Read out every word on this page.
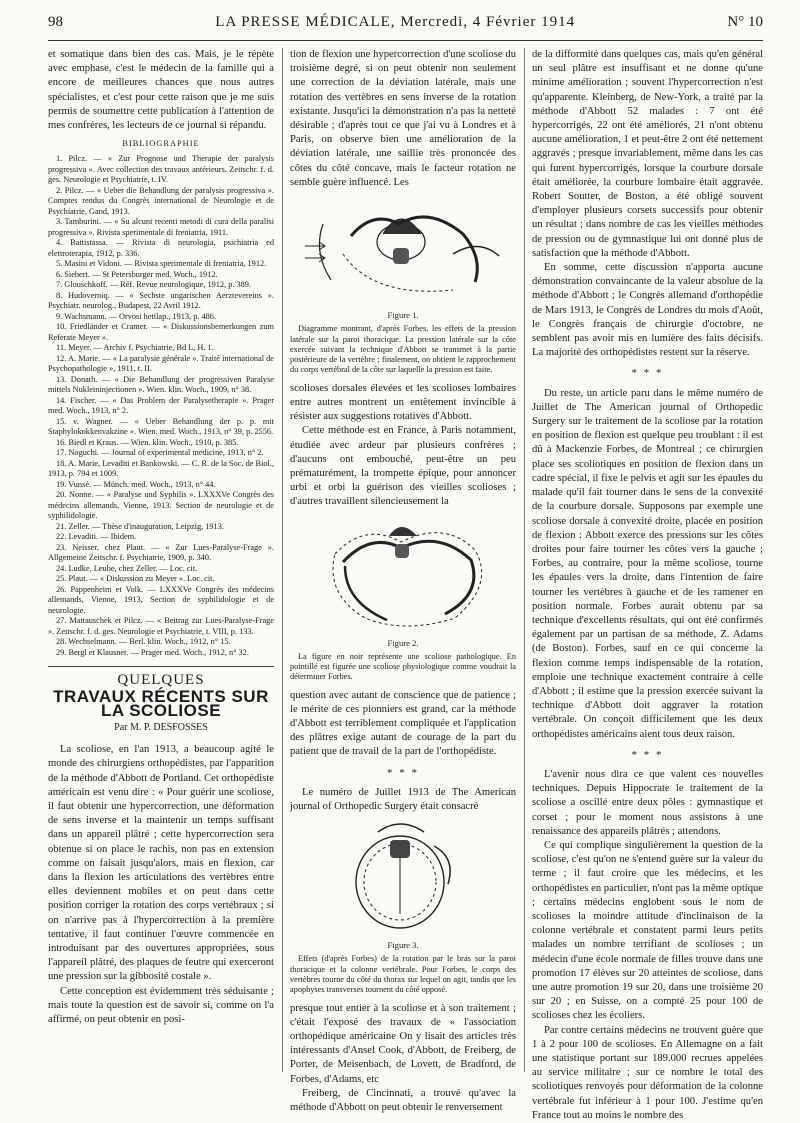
98	LA PRESSE MÉDICALE, Mercredi, 4 Février 1914	N° 10

et somatique dans bien des cas. Mais, je le répète avec emphase, c'est le médecin de la famille qui a encore de meilleures chances que nous autres spécialistes, et c'est pour cette raison que je me suis permis de soumettre cette publication à l'attention de mes confrères, les lecteurs de ce journal si répandu.

BIBLIOGRAPHIE

1. Pilcz. — « Zur Prognose und Therapie der paralysis progressiva ». Avec collection des travaux antérieurs. Zeitschr. f. d. ges. Neurologie et Psychiatrie, t. IV.

2. Pilcz. — « Ueber die Behandlung der paralysis progressiva ». Comptes rendus du Congrès international de Neurologie et de Psychiatrie, Gand, 1913.

3. Tamburini. — « Su alcuni recenti metodi di cura della paralisi progressiva ». Rivista sperimentale di freniatria, 1911.

4. Battistassa. — Rivista di neurologia, psichiatria ed elettroterapia, 1912, p. 336.

5. Masini et Vidoni. — Rivista sperimentale di freniatria, 1912.

6. Siebert. — St Petersburger med. Woch., 1912.

7. Glouschkoff. — Réf. Revue neurologique, 1912, p. 389.

8. Hudoverniq. — « Sechste ungarischen Aerztevereins ». Psychiatr. neurolog., Budapest, 22 Avril 1912.

9. Wachsmann. — Orvosi hetilap., 1913, p. 486.

10. Friedländer et Cramer. — « Diskussionsbemerkungen zum Referate Meyer ».

11. Meyer. — Archiv f. Psychiatrie, Bd L, H. 1.

12. A. Marie. — « La paralysie générale ». Traité international de Psychopathologie », 1911, t. II.

13. Donath. — « Die Behandlung der progressiven Paralyse mittels Nukleininjectionen ». Wien. klin. Woch., 1909, n° 38.

14. Fischer. — « Das Problem der Paralysetherapie ». Prager med. Woch., 1913, n° 2.

15. v. Wagner. — « Ueber Behandlung der p. p. mit Staphylokokkenvakzine ». Wien. med. Woch., 1913, n° 39, p. 2556.

16. Biedl et Kraus. — Wien. klin. Woch., 1910, p. 385.

17. Noguchi. — Journal of experimental medicine, 1913, n° 2.

18. A. Marie, Levaditi et Bankowski. — C. R. de la Soc. de Biol., 1913, p. 794 et 1009.

19. Vunsé. — Münch. med. Woch., 1913, n° 44.

20. Nonne. — « Paralyse und Syphilis ». LXXXVe Congrès des médecins allemands, Vienne, 1913. Section de neurologie et de syphilidologie.

21. Zeller. — Thèse d'inauguration, Leipzig, 1913.

22. Levaditi. — Ibidem.

23. Neisser, chez Plaut. — « Zur Lues-Paralyse-Frage ». Allgemeine Zeitschr. f. Psychiatrie, 1909, p. 340.

24. Ludke, Leube, chez Zeller. — Loc. cit.

25. Plaut. — « Diskussion zu Meyer ». Loc. cit.

26. Pappenheim et Volk. — LXXXVe Congrès des médecins allemands, Vienne, 1913, Section de syphilidologie et de neurologie.

27. Mattauschek et Pilcz. — « Beitrag zur Lues-Paralyse-Frage ». Zeitschr. f. d. ges. Neurologie et Psychiatrie, t. VIII, p. 133.

28. Wechselmann. — Berl. klin. Woch., 1912, n° 15.

29. Bergl et Klausner. — Prager med. Woch., 1912, n° 32.

QUELQUES
TRAVAUX RÉCENTS SUR LA SCOLIOSE
Par M. P. DESFOSSES

La scoliose, en l'an 1913, a beaucoup agité le monde des chirurgiens orthopédistes, par l'apparition de la méthode d'Abbott de Portland. Cet orthopédiste américain est venu dire : « Pour guérir une scoliose, il faut obtenir une hypercorrection, une déformation de sens inverse et la maintenir un temps suffisant dans un appareil plâtré ; cette hypercorrection sera obtenue si on place le rachis, non pas en extension comme on faisait jusqu'alors, mais en flexion, car dans la flexion les articulations des vertèbres entre elles deviennent mobiles et on peut dans cette position corriger la rotation des corps vertébraux ; si on n'arrive pas à l'hypercorrection à la première tentative, il faut continuer l'œuvre commencée en introduisant par des ouvertures appropriées, sous l'appareil plâtré, des plaques de feutre qui exerceront une pression sur la gibbosité costale ».

Cette conception est évidemment très séduisante ; mais toute la question est de savoir si, comme on l'a affirmé, on peut obtenir en posi-

tion de flexion une hypercorrection d'une scoliose du troisième degré, si on peut obtenir non seulement une correction de la déviation latérale, mais une rotation des vertèbres en sens inverse de la rotation existante. Jusqu'ici la démonstration n'a pas la netteté désirable ; d'après tout ce que j'ai vu à Londres et à Paris, on observe bien une amélioration de la déviation latérale, une saillie très prononcée des côtes du côté concave, mais le facteur rotation ne semble guère influencé. Les

Figure 1.

Diagramme montrant, d'après Forbes, les effets de la pression latérale sur la paroi thoracique. La pression latérale sur la côte exercée suivant la technique d'Abbott se transmet à la partie postérieure de la vertèbre ; finalement, on obtient le rapprochement du corps vertébral de la côte sur laquelle la pression est faite.

scolioses dorsales élevées et les scolioses lombaires entre autres montrent un entêtement invincible à résister aux suggestions rotatives d'Abbott.

Cette méthode est en France, à Paris notamment, étudiée avec ardeur par plusieurs confrères ; d'aucuns ont embouché, peut-être un peu prématurément, la trompette épique, pour annoncer urbi et orbi la guérison des vieilles scolioses ; d'autres travaillent silencieusement la

Figure 2.

La figure en noir représente une scoliose pathologique. En pointillé est figurée une scoliose physiologique comme voudrait la déterminer Forbes.

question avec autant de conscience que de patience ; le mérite de ces pionniers est grand, car la méthode d'Abbott est terriblement compliquée et l'application des plâtres exige autant de courage de la part du patient que de travail de la part de l'orthopédiste.

* * *

Le numéro de Juillet 1913 de The American journal of Orthopedic Surgery était consacré

Figure 3.

Effets (d'après Forbes) de la rotation par le bras sur la paroi thoracique et la colonne vertébrale. Pour Forbes, le corps des vertèbres tourne du côté du thorax sur lequel on agit, tandis que les apophyses transverses tournent du côté opposé.

presque tout entier à la scoliose et à son traitement ; c'était l'exposé des travaux de « l'association orthopédique américaine On y lisait des articles très intéressants d'Ansel Cook, d'Abbott, de Freiberg, de Porter, de Meisenbach, de Lovett, de Bradford, de Forbes, d'Adams, etc

Freiberg, de Cincinnati, a trouvé qu'avec la méthode d'Abbott on peut obtenir le renversement

de la difformité dans quelques cas, mais qu'en général un seul plâtre est insuffisant et ne donne qu'une minime amélioration ; souvent l'hypercorrection n'est qu'apparente. Kleinberg, de New-York, a traité par la méthode d'Abbott 52 malades : 7 ont été hypercorrigés, 22 ont été améliorés, 21 n'ont obtenu aucune amélioration, 1 et peut-être 2 ont été nettement aggravés ; presque invariablement, même dans les cas qui furent hypercorrigés, lorsque la courbure dorsale était améliorée, la courbure lombaire était aggravée. Robert Soutter, de Boston, a été obligé souvent d'employer plusieurs corsets successifs pour obtenir un résultat ; dans nombre de cas les vieilles méthodes de pression ou de gymnastique lui ont donné plus de satisfaction que la méthode d'Abbott.

En somme, cette discussion n'apporta aucune démonstration convaincante de la valeur absolue de la méthode d'Abbott ; le Congrès allemand d'orthopédie de Mars 1913, le Congrès de Londres du mois d'Août, le Congrès français de chirurgie d'octobre, ne semblent pas avoir mis en lumière des faits décisifs. La majorité des orthopédistes restent sur la réserve.

* * *

Du reste, un article paru dans le même numéro de Juillet de The American journal of Orthopedic Surgery sur le traitement de la scoliose par la rotation en position de flexion est quelque peu troublant : il est dû à Mackenzie Forbes, de Montreal ; ce chirurgien place ses scoliotiques en position de flexion dans un cadre spécial, il fixe le pelvis et agit sur les épaules du malade qu'il fait tourner dans le sens de la convexité de la courbure dorsale. Supposons par exemple une scoliose dorsale à convexité droite, placée en position de flexion : Abbott exerce des pressions sur les côtes droites pour faire tourner les côtes vers la gauche ; Forbes, au contraire, pour la même scoliose, tourne les épaules vers la droite, dans l'intention de faire tourner les vertèbres à gauche et de les ramener en position normale. Forbes aurait obtenu par sa technique d'excellents résultats, qui ont été confirmés également par un partisan de sa méthode, Z. Adams (de Boston). Forbes, sauf en ce qui concerne la flexion comme temps indispensable de la rotation, emploie une technique exactement contraire à celle d'Abbott ; il estime que la pression exercée suivant la technique d'Abbott doit aggraver la rotation vertébrale. On conçoit difficilement que les deux orthopédistes américains aient tous deux raison.

* * *

L'avenir nous dira ce que valent ces nouvelles techniques. Depuis Hippocrate le traitement de la scoliose a oscillé entre deux pôles : gymnastique et corset ; pour le moment nous assistons à une renaissance des appareils plâtrés ; attendons.

Ce qui complique singulièrement la question de la scoliose, c'est qu'on ne s'entend guère sur la valeur du terme ; il faut croire que les médecins, et les orthopédistes en particulier, n'ont pas la même optique ; certains médecins englobent sous le nom de scolioses la moindre attitude d'inclinaison de la colonne vertébrale et constatent parmi leurs petits malades un nombre terrifiant de scolioses ; un médecin d'une école normale de filles trouve dans une promotion 17 élèves sur 20 atteintes de scoliose, dans une autre promotion 19 sur 20, dans une troisième 20 sur 20 ; en Suisse, on a compté 25 pour 100 de scolioses chez les écoliers.

Par contre certains médecins ne trouvent guère que 1 à 2 pour 100 de scolioses. En Allemagne on a fait une statistique portant sur 189.000 recrues appelées au service militaire ; sur ce nombre le total des scoliotiques renvoyés pour déformation de la colonne vertébrale fut inférieur à 1 pour 100. J'estime qu'en France tout au moins le nombre des
